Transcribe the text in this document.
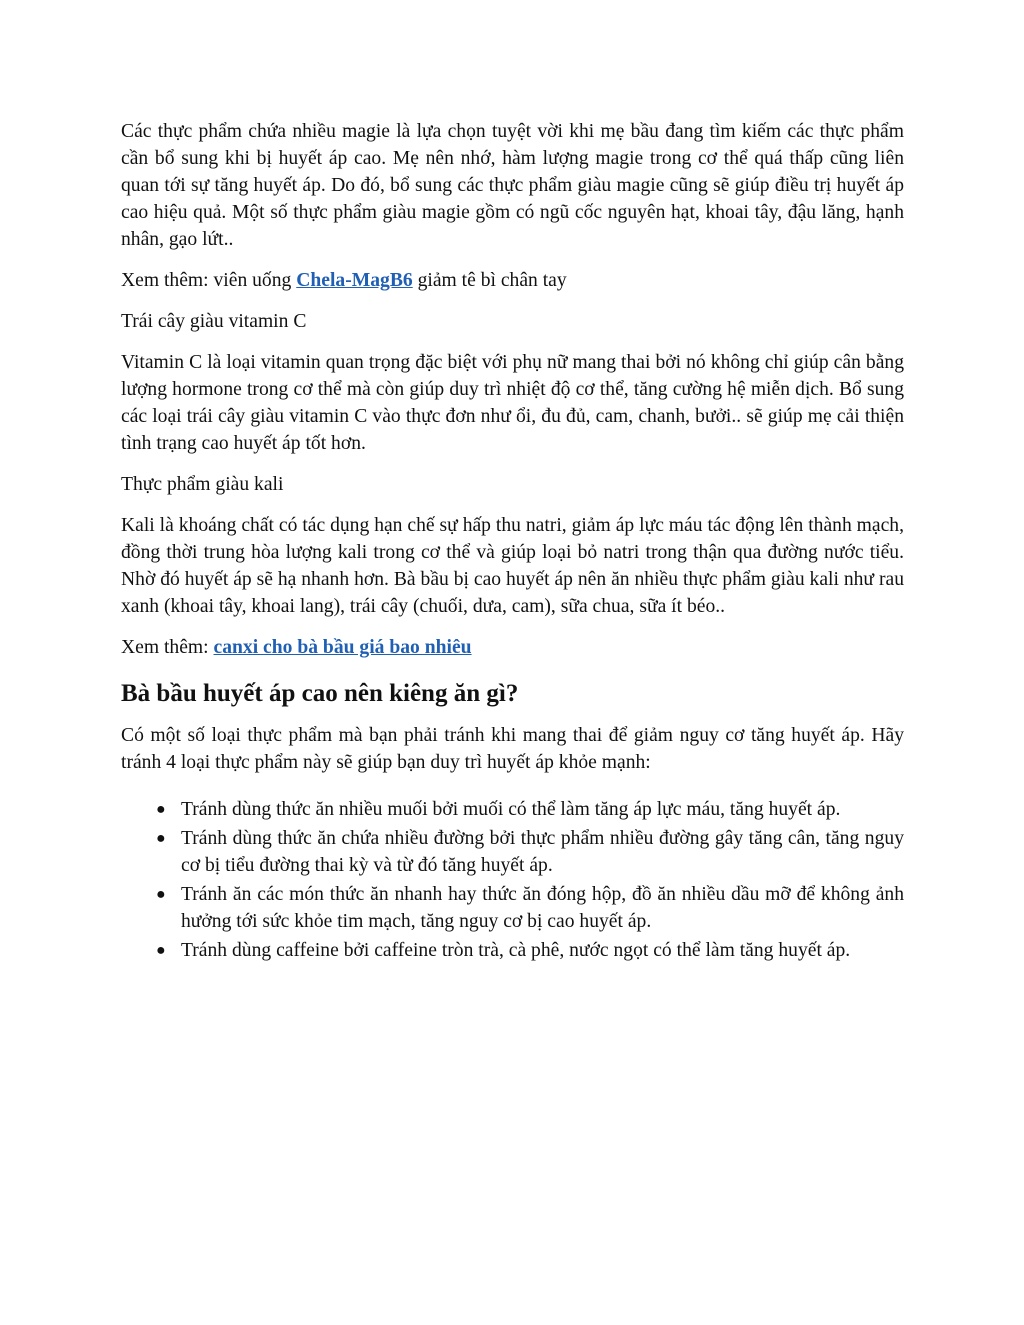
Các thực phẩm chứa nhiều magie là lựa chọn tuyệt vời khi mẹ bầu đang tìm kiếm các thực phẩm cần bổ sung khi bị huyết áp cao. Mẹ nên nhớ, hàm lượng magie trong cơ thể quá thấp cũng liên quan tới sự tăng huyết áp. Do đó, bổ sung các thực phẩm giàu magie cũng sẽ giúp điều trị huyết áp cao hiệu quả. Một số thực phẩm giàu magie gồm có ngũ cốc nguyên hạt, khoai tây, đậu lăng, hạnh nhân, gạo lứt..

Xem thêm: viên uống Chela-MagB6 giảm tê bì chân tay

Trái cây giàu vitamin C

Vitamin C là loại vitamin quan trọng đặc biệt với phụ nữ mang thai bởi nó không chỉ giúp cân bằng lượng hormone trong cơ thể mà còn giúp duy trì nhiệt độ cơ thể, tăng cường hệ miễn dịch. Bổ sung các loại trái cây giàu vitamin C vào thực đơn như ổi, đu đủ, cam, chanh, bưởi.. sẽ giúp mẹ cải thiện tình trạng cao huyết áp tốt hơn.

Thực phẩm giàu kali

Kali là khoáng chất có tác dụng hạn chế sự hấp thu natri, giảm áp lực máu tác động lên thành mạch, đồng thời trung hòa lượng kali trong cơ thể và giúp loại bỏ natri trong thận qua đường nước tiểu. Nhờ đó huyết áp sẽ hạ nhanh hơn. Bà bầu bị cao huyết áp nên ăn nhiều thực phẩm giàu kali như rau xanh (khoai tây, khoai lang), trái cây (chuối, dưa, cam), sữa chua, sữa ít béo..

Xem thêm: canxi cho bà bầu giá bao nhiêu

Bà bầu huyết áp cao nên kiêng ăn gì?

Có một số loại thực phẩm mà bạn phải tránh khi mang thai để giảm nguy cơ tăng huyết áp. Hãy tránh 4 loại thực phẩm này sẽ giúp bạn duy trì huyết áp khỏe mạnh:

● Tránh dùng thức ăn nhiều muối bởi muối có thể làm tăng áp lực máu, tăng huyết áp.
● Tránh dùng thức ăn chứa nhiều đường bởi thực phẩm nhiều đường gây tăng cân, tăng nguy cơ bị tiểu đường thai kỳ và từ đó tăng huyết áp.
● Tránh ăn các món thức ăn nhanh hay thức ăn đóng hộp, đồ ăn nhiều dầu mỡ để không ảnh hưởng tới sức khỏe tim mạch, tăng nguy cơ bị cao huyết áp.
● Tránh dùng caffeine bởi caffeine tròn trà, cà phê, nước ngọt có thể làm tăng huyết áp.
